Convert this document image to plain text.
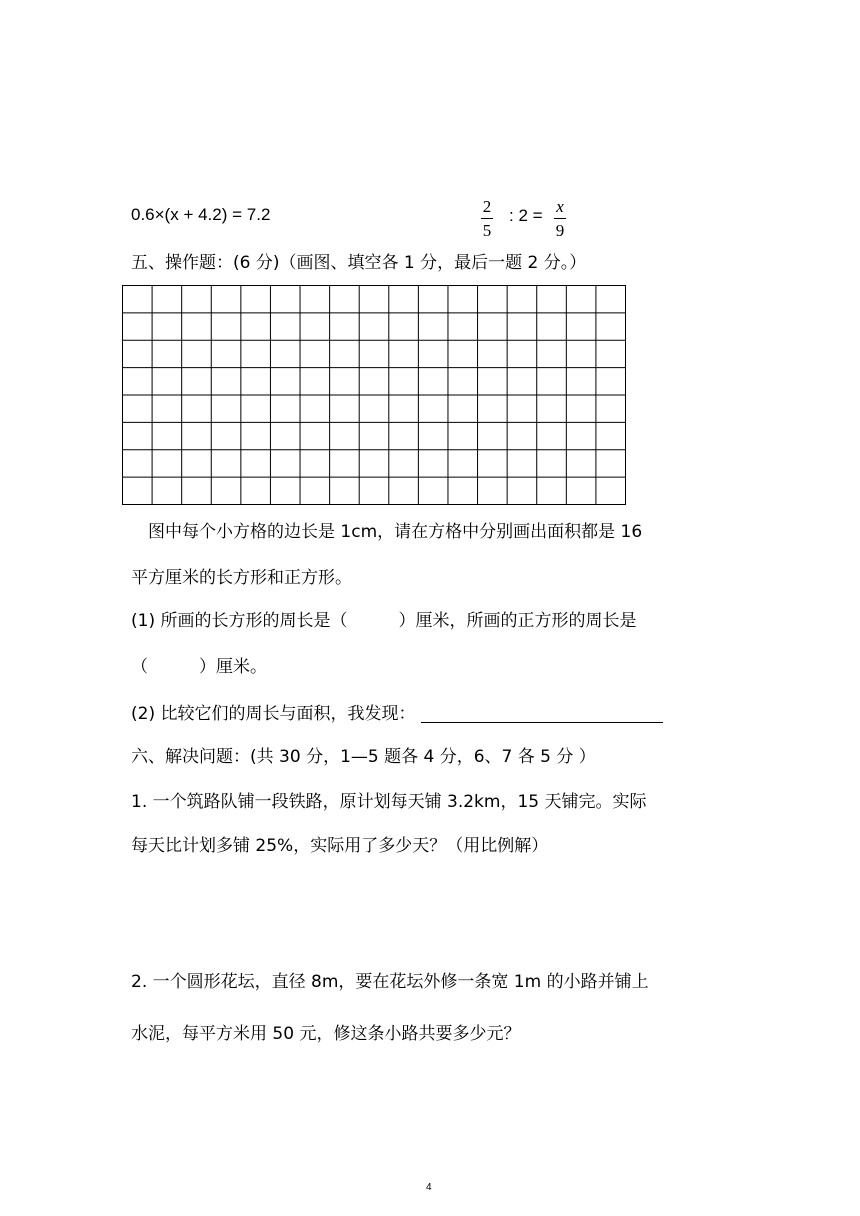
0.6×(x + 4.2) = 7.2	2
5
: 2 = x
9
五、操作题：(6 分)（画图、填空各 1 分，最后一题 2 分。）
图中每个小方格的边长是 1cm，请在方格中分别画出面积都是 16
平方厘米的长方形和正方形。
(1) 所画的长方形的周长是（　　　）厘米，所画的正方形的周长是
（　　　）厘米。
(2) 比较它们的周长与面积，我发现：
六、解决问题：(共 30 分，1—5 题各 4 分，6、7 各 5 分 ）
1. 一个筑路队铺一段铁路，原计划每天铺 3.2km，15 天铺完。实际
每天比计划多铺 25%，实际用了多少天？（用比例解）
2. 一个圆形花坛，直径 8m，要在花坛外修一条宽 1m 的小路并铺上
水泥，每平方米用 50 元，修这条小路共要多少元？
4
